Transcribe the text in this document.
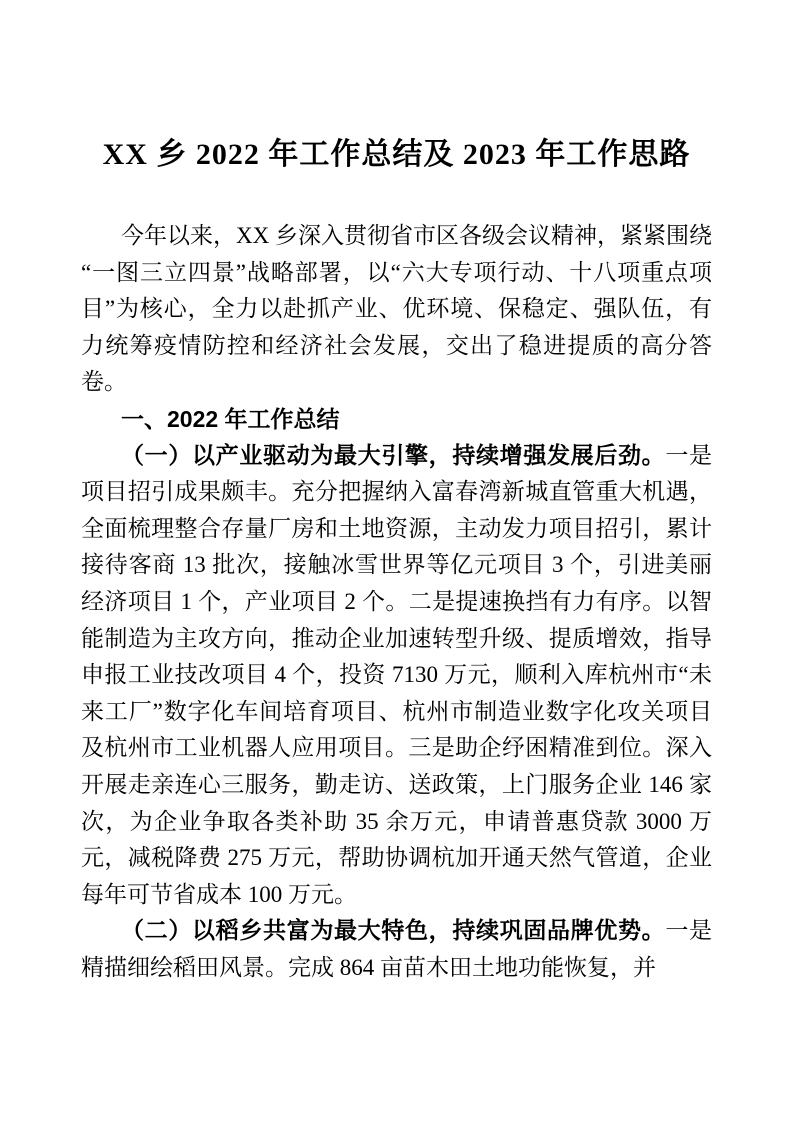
XX 乡 2022 年工作总结及 2023 年工作思路

今年以来，XX 乡深入贯彻省市区各级会议精神，紧紧围绕“一图三立四景”战略部署，以“六大专项行动、十八项重点项目”为核心，全力以赴抓产业、优环境、保稳定、强队伍，有力统筹疫情防控和经济社会发展，交出了稳进提质的高分答卷。

一、2022 年工作总结

（一）以产业驱动为最大引擎，持续增强发展后劲。一是项目招引成果颇丰。充分把握纳入富春湾新城直管重大机遇，全面梳理整合存量厂房和土地资源，主动发力项目招引，累计接待客商 13 批次，接触冰雪世界等亿元项目 3 个，引进美丽经济项目 1 个，产业项目 2 个。二是提速换挡有力有序。以智能制造为主攻方向，推动企业加速转型升级、提质增效，指导申报工业技改项目 4 个，投资 7130 万元，顺利入库杭州市“未来工厂”数字化车间培育项目、杭州市制造业数字化攻关项目及杭州市工业机器人应用项目。三是助企纾困精准到位。深入开展走亲连心三服务，勤走访、送政策，上门服务企业 146 家次，为企业争取各类补助 35 余万元，申请普惠贷款 3000 万元，减税降费 275 万元，帮助协调杭加开通天然气管道，企业每年可节省成本 100 万元。

（二）以稻乡共富为最大特色，持续巩固品牌优势。一是精描细绘稻田风景。完成 864 亩苗木田土地功能恢复，并
